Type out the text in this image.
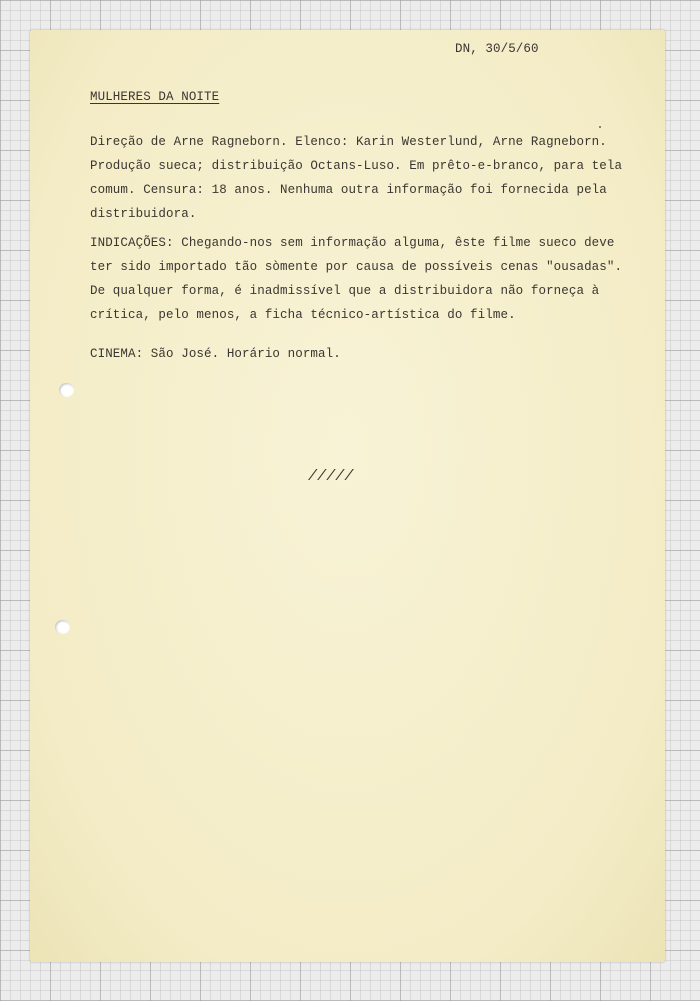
DN, 30/5/60
MULHERES DA NOITE
Direção de Arne Ragneborn. Elenco: Karin Westerlund, Arne Ragneborn.
Produção sueca; distribuição Octans-Luso. Em prêto-e-branco, para tela
comum. Censura: 18 anos. Nenhuma outra informação foi fornecida pela
distribuidora.
INDICAÇÕES: Chegando-nos sem informação alguma, êste filme sueco deve
ter sido importado tão sòmente por causa de possíveis cenas "ousadas".
De qualquer forma, é inadmissível que a distribuidora não forneça à
crítica, pelo menos, a ficha técnico-artística do filme.
CINEMA: São José. Horário normal.
/////
